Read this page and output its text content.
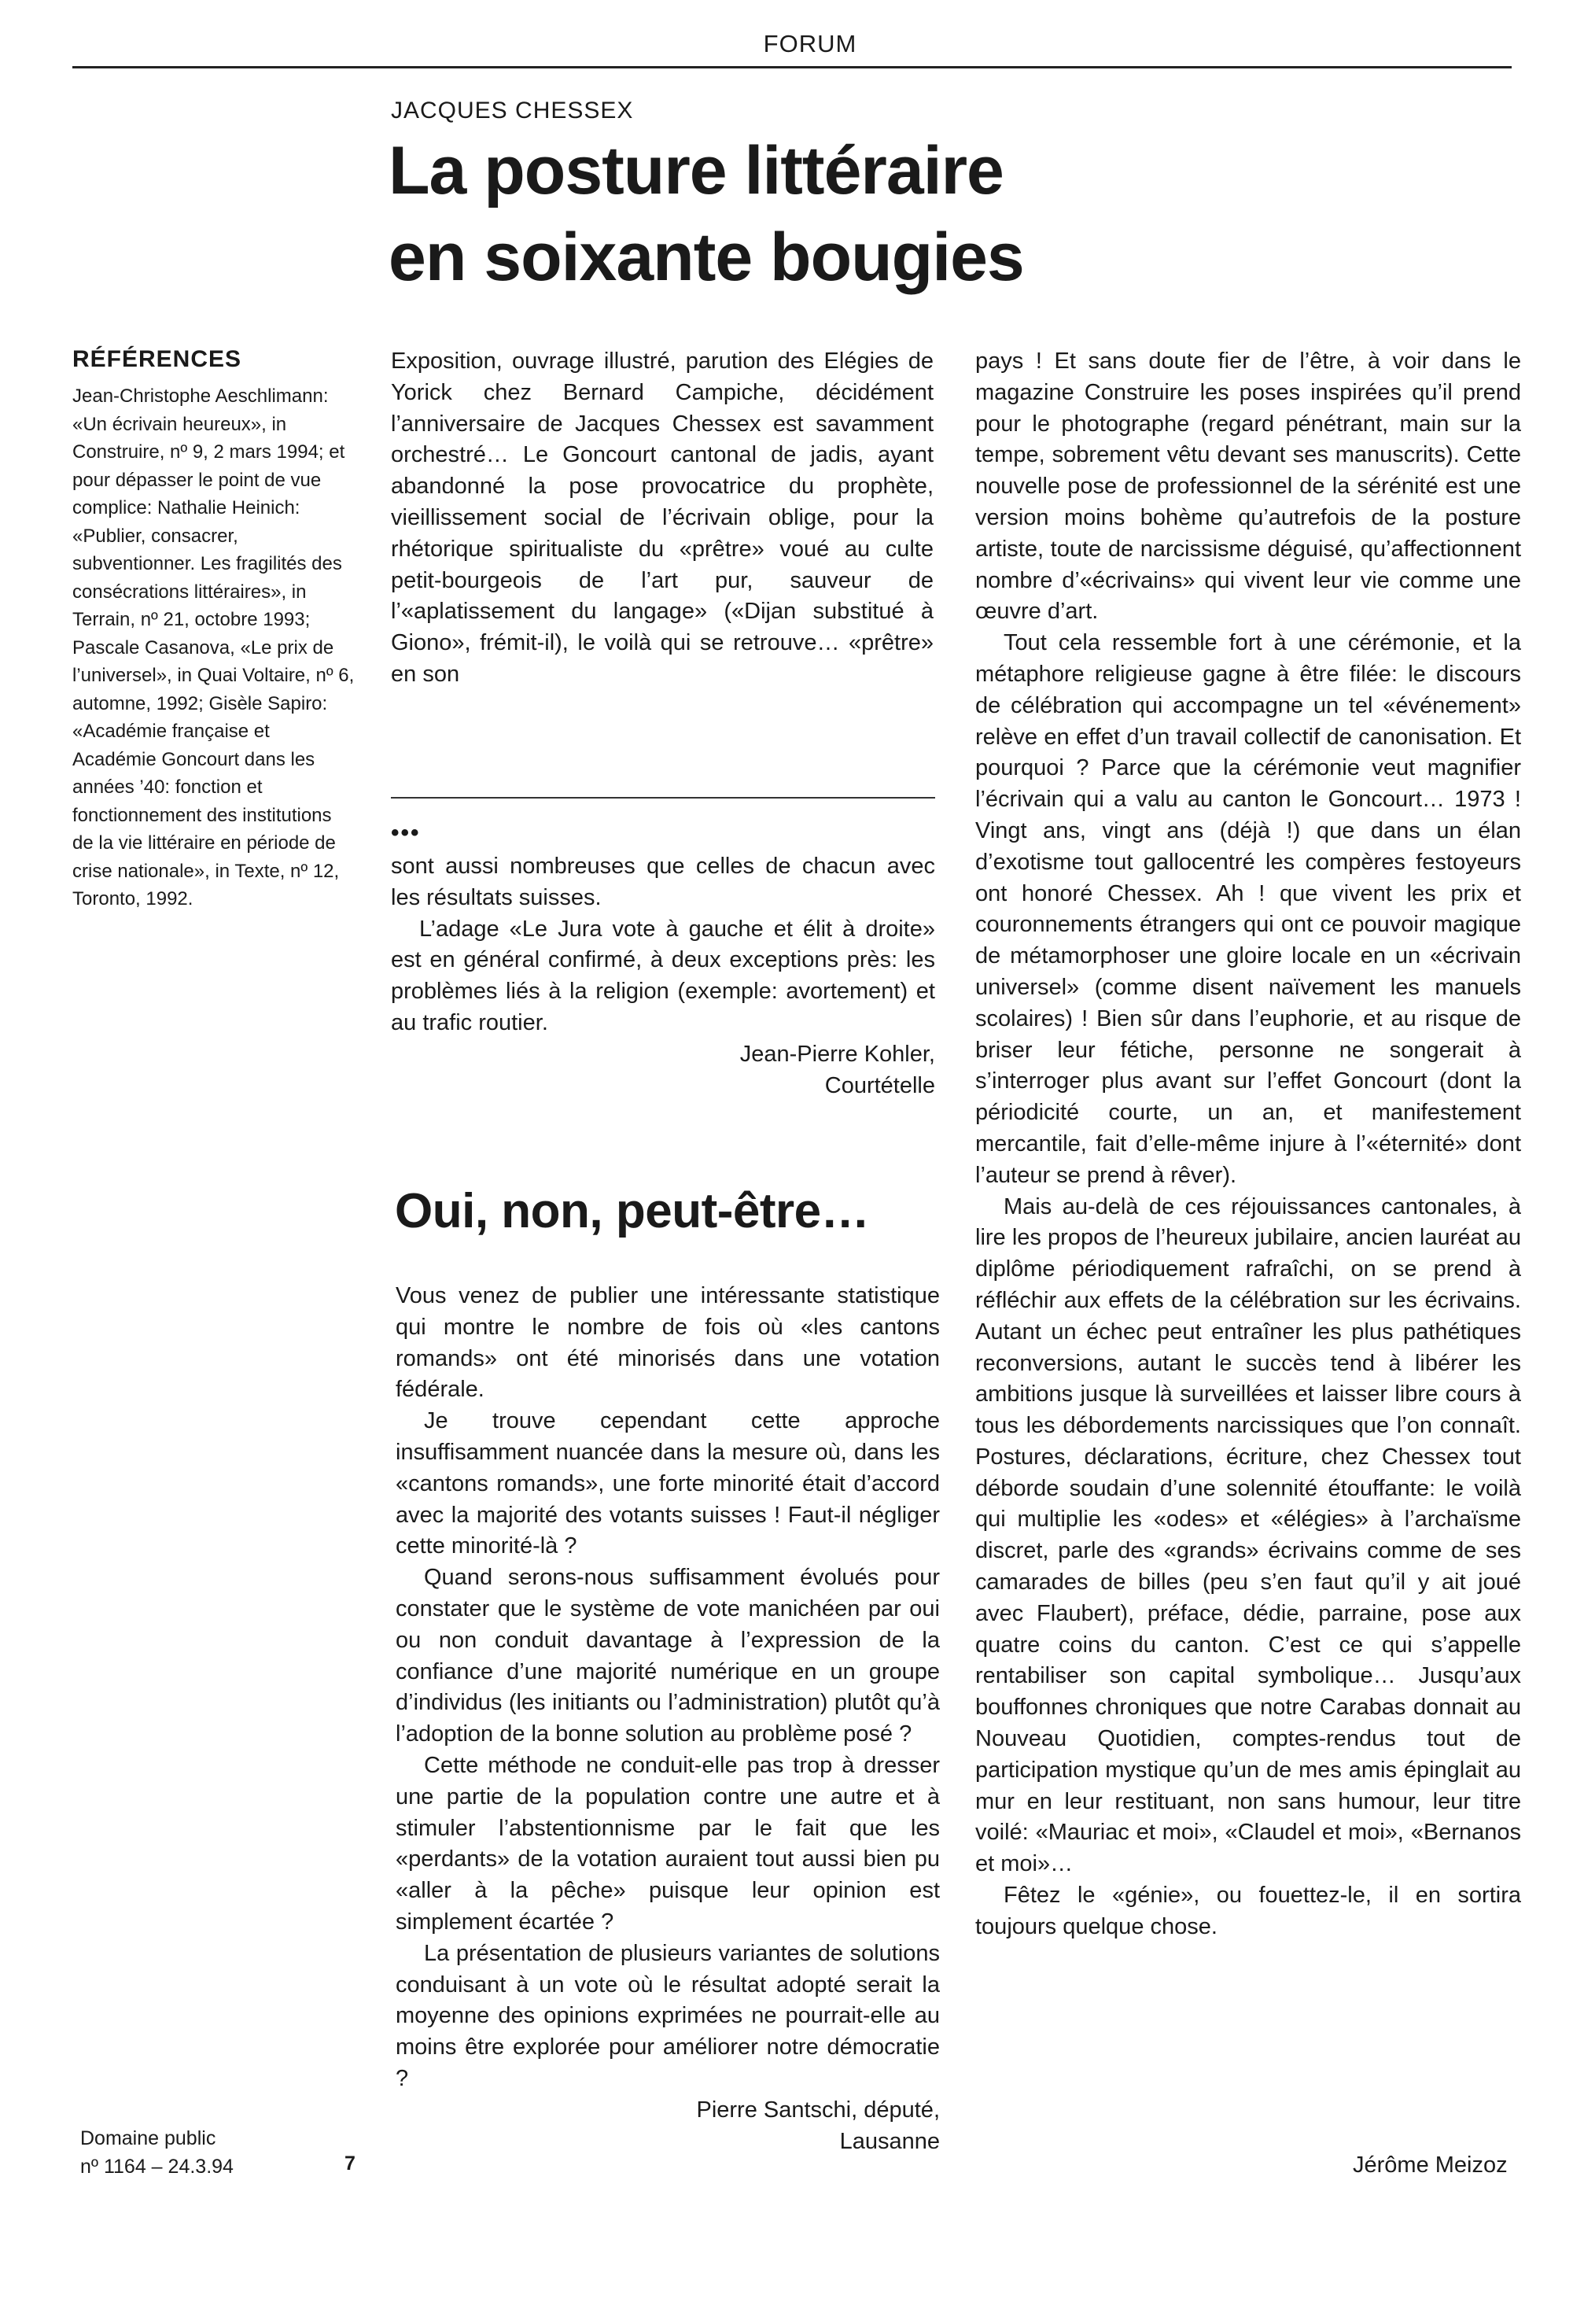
FORUM
JACQUES CHESSEX
La posture littéraire
en soixante bougies
RÉFÉRENCES

Jean-Christophe Aeschlimann: «Un écrivain heureux», in Construire, nº 9, 2 mars 1994; et pour dépasser le point de vue complice: Nathalie Heinich: «Publier, consacrer, subventionner. Les fragilités des consécrations littéraires», in Terrain, nº 21, octobre 1993; Pascale Casanova, «Le prix de l’universel», in Quai Voltaire, nº 6, automne, 1992; Gisèle Sapiro: «Académie française et Académie Goncourt dans les années ’40: fonction et fonctionnement des institutions de la vie littéraire en période de crise nationale», in Texte, nº 12, Toronto, 1992.

Exposition, ouvrage illustré, parution des Elégies de Yorick chez Bernard Campiche, décidément l’anniversaire de Jacques Chessex est savamment orchestré… Le Goncourt cantonal de jadis, ayant abandonné la pose provocatrice du prophète, vieillissement social de l’écrivain oblige, pour la rhétorique spiritualiste du «prêtre» voué au culte petit-bourgeois de l’art pur, sauveur de l’«aplatissement du langage» («Dijan substitué à Giono», frémit-il), le voilà qui se retrouve… «prêtre» en son

•••

sont aussi nombreuses que celles de chacun avec les résultats suisses.

L’adage «Le Jura vote à gauche et élit à droite» est en général confirmé, à deux exceptions près: les problèmes liés à la religion (exemple: avortement) et au trafic routier.

Jean-Pierre Kohler,

Courtételle

Oui, non, peut-être…

Vous venez de publier une intéressante statistique qui montre le nombre de fois où «les cantons romands» ont été minorisés dans une votation fédérale.

Je trouve cependant cette approche insuffisamment nuancée dans la mesure où, dans les «cantons romands», une forte minorité était d’accord avec la majorité des votants suisses ! Faut-il négliger cette minorité-là ?

Quand serons-nous suffisamment évolués pour constater que le système de vote manichéen par oui ou non conduit davantage à l’expression de la confiance d’une majorité numérique en un groupe d’individus (les initiants ou l’administration) plutôt qu’à l’adoption de la bonne solution au problème posé ?

Cette méthode ne conduit-elle pas trop à dresser une partie de la population contre une autre et à stimuler l’abstentionnisme par le fait que les «perdants» de la votation auraient tout aussi bien pu «aller à la pêche» puisque leur opinion est simplement écartée ?

La présentation de plusieurs variantes de solutions conduisant à un vote où le résultat adopté serait la moyenne des opinions exprimées ne pourrait-elle au moins être explorée pour améliorer notre démocratie ?

Pierre Santschi, député,

Lausanne

pays ! Et sans doute fier de l’être, à voir dans le magazine Construire les poses inspirées qu’il prend pour le photographe (regard pénétrant, main sur la tempe, sobrement vêtu devant ses manuscrits). Cette nouvelle pose de professionnel de la sérénité est une version moins bohème qu’autrefois de la posture artiste, toute de narcissisme déguisé, qu’affectionnent nombre d’«écrivains» qui vivent leur vie comme une œuvre d’art.

Tout cela ressemble fort à une cérémonie, et la métaphore religieuse gagne à être filée: le discours de célébration qui accompagne un tel «événement» relève en effet d’un travail collectif de canonisation. Et pourquoi ? Parce que la cérémonie veut magnifier l’écrivain qui a valu au canton le Goncourt… 1973 ! Vingt ans, vingt ans (déjà !) que dans un élan d’exotisme tout gallocentré les compères festoyeurs ont honoré Chessex. Ah ! que vivent les prix et couronnements étrangers qui ont ce pouvoir magique de métamorphoser une gloire locale en un «écrivain universel» (comme disent naïvement les manuels scolaires) ! Bien sûr dans l’euphorie, et au risque de briser leur fétiche, personne ne songerait à s’interroger plus avant sur l’effet Goncourt (dont la périodicité courte, un an, et manifestement mercantile, fait d’elle-même injure à l’«éternité» dont l’auteur se prend à rêver).

Mais au-delà de ces réjouissances cantonales, à lire les propos de l’heureux jubilaire, ancien lauréat au diplôme périodiquement rafraîchi, on se prend à réfléchir aux effets de la célébration sur les écrivains. Autant un échec peut entraîner les plus pathétiques reconversions, autant le succès tend à libérer les ambitions jusque là surveillées et laisser libre cours à tous les débordements narcissiques que l’on connaît. Postures, déclarations, écriture, chez Chessex tout déborde soudain d’une solennité étouffante: le voilà qui multiplie les «odes» et «élégies» à l’archaïsme discret, parle des «grands» écrivains comme de ses camarades de billes (peu s’en faut qu’il y ait joué avec Flaubert), préface, dédie, parraine, pose aux quatre coins du canton. C’est ce qui s’appelle rentabiliser son capital symbolique… Jusqu’aux bouffonnes chroniques que notre Carabas donnait au Nouveau Quotidien, comptes-rendus tout de participation mystique qu’un de mes amis épinglait au mur en leur restituant, non sans humour, leur titre voilé: «Mauriac et moi», «Claudel et moi», «Bernanos et moi»…

Fêtez le «génie», ou fouettez-le, il en sortira toujours quelque chose.

Domaine public

nº 1164 – 24.3.94	7	Jérôme Meizoz
